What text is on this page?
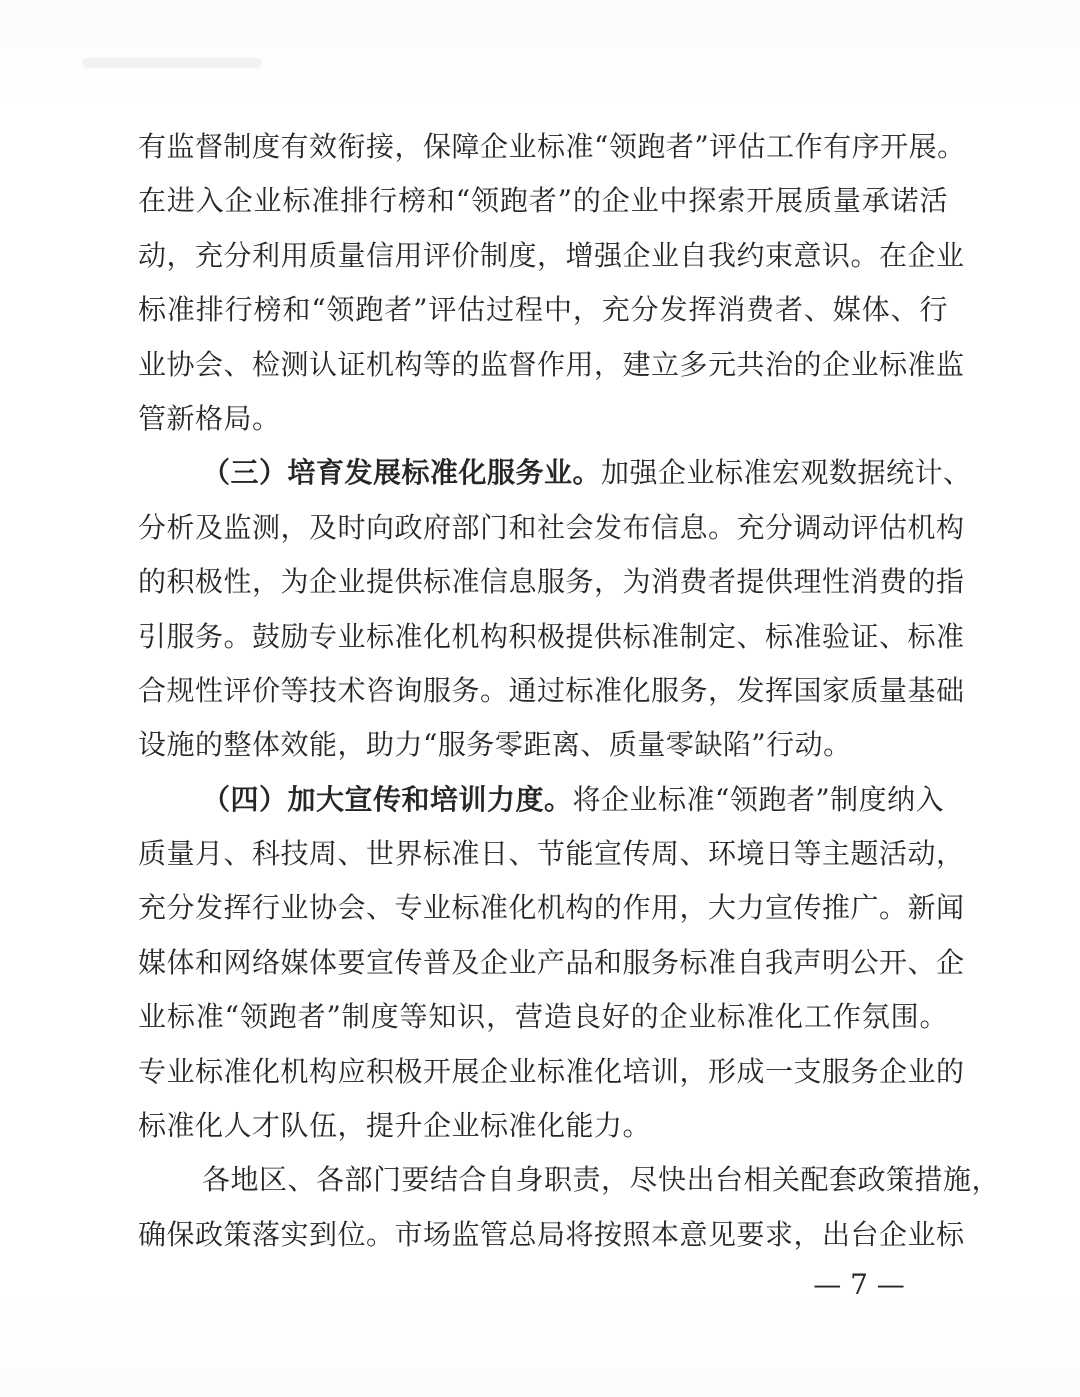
有监督制度有效衔接，保障企业标准“领跑者”评估工作有序开展。
在进入企业标准排行榜和“领跑者”的企业中探索开展质量承诺活
动，充分利用质量信用评价制度，增强企业自我约束意识。在企业
标准排行榜和“领跑者”评估过程中，充分发挥消费者、媒体、行
业协会、检测认证机构等的监督作用，建立多元共治的企业标准监
管新格局。
（三）培育发展标准化服务业。加强企业标准宏观数据统计、
分析及监测，及时向政府部门和社会发布信息。充分调动评估机构
的积极性，为企业提供标准信息服务，为消费者提供理性消费的指
引服务。鼓励专业标准化机构积极提供标准制定、标准验证、标准
合规性评价等技术咨询服务。通过标准化服务，发挥国家质量基础
设施的整体效能，助力“服务零距离、质量零缺陷”行动。
（四）加大宣传和培训力度。将企业标准“领跑者”制度纳入
质量月、科技周、世界标准日、节能宣传周、环境日等主题活动，
充分发挥行业协会、专业标准化机构的作用，大力宣传推广。新闻
媒体和网络媒体要宣传普及企业产品和服务标准自我声明公开、企
业标准“领跑者”制度等知识，营造良好的企业标准化工作氛围。
专业标准化机构应积极开展企业标准化培训，形成一支服务企业的
标准化人才队伍，提升企业标准化能力。
各地区、各部门要结合自身职责，尽快出台相关配套政策措施，
确保政策落实到位。市场监管总局将按照本意见要求，出台企业标
— 7 —
